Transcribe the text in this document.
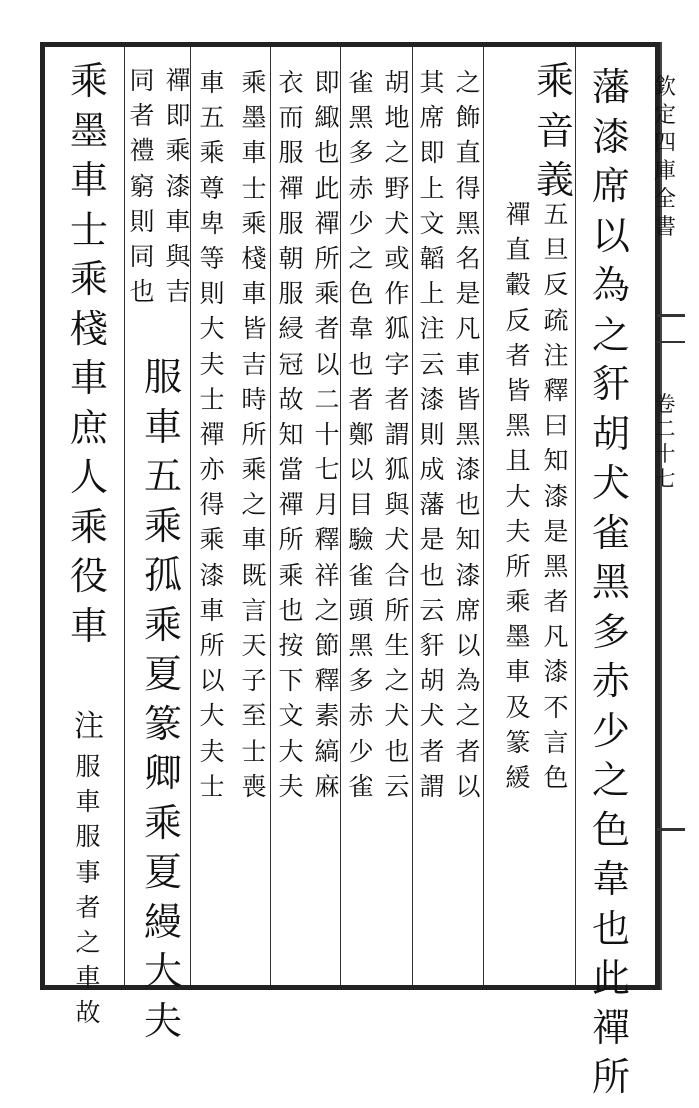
欽
定
四
庫
全
書
卷
二
十
七
藩
漆
席
以
為
之
豻
胡
犬
雀
黑
多
赤
少
之
色
韋
也
此
禪
所
乘
音
義
五
旦
反
疏
注
釋
曰
知
漆
是
黑
者
凡
漆
不
言
色
禪
直
轂
反
者
皆
黑
且
大
夫
所
乘
墨
車
及
篆
緩
其
席
即
上
文
韜
上
注
云
漆
則
成
藩
是
也
云
豻
胡
犬
者
謂
之
飾
直
得
黑
名
是
凡
車
皆
黑
漆
也
知
漆
席
以
為
之
者
以
雀
黑
多
赤
少
之
色
韋
也
者
鄭
以
目
驗
雀
頭
黑
多
赤
少
雀
胡
地
之
野
犬
或
作
狐
字
者
謂
狐
與
犬
合
所
生
之
犬
也
云
衣
而
服
禪
服
朝
服
綅
冠
故
知
當
禪
所
乘
也
按
下
文
大
夫
即
緅
也
此
禪
所
乘
者
以
二
十
七
月
釋
祥
之
節
釋
素
縞
麻
車
五
乘
尊
卑
等
則
大
夫
士
禪
亦
得
乘
漆
車
所
以
大
夫
士
乘
墨
車
士
乘
棧
車
皆
吉
時
所
乘
之
車
既
言
天
子
至
士
喪
同
者
禮
窮
則
同
也
禪
即
乘
漆
車
與
吉
服
車
五
乘
孤
乘
夏
篆
卿
乘
夏
縵
大
夫
乘
墨
車
士
乘
棧
車
庶
人
乘
役
車
注
服
車
服
事
者
之
車
故
